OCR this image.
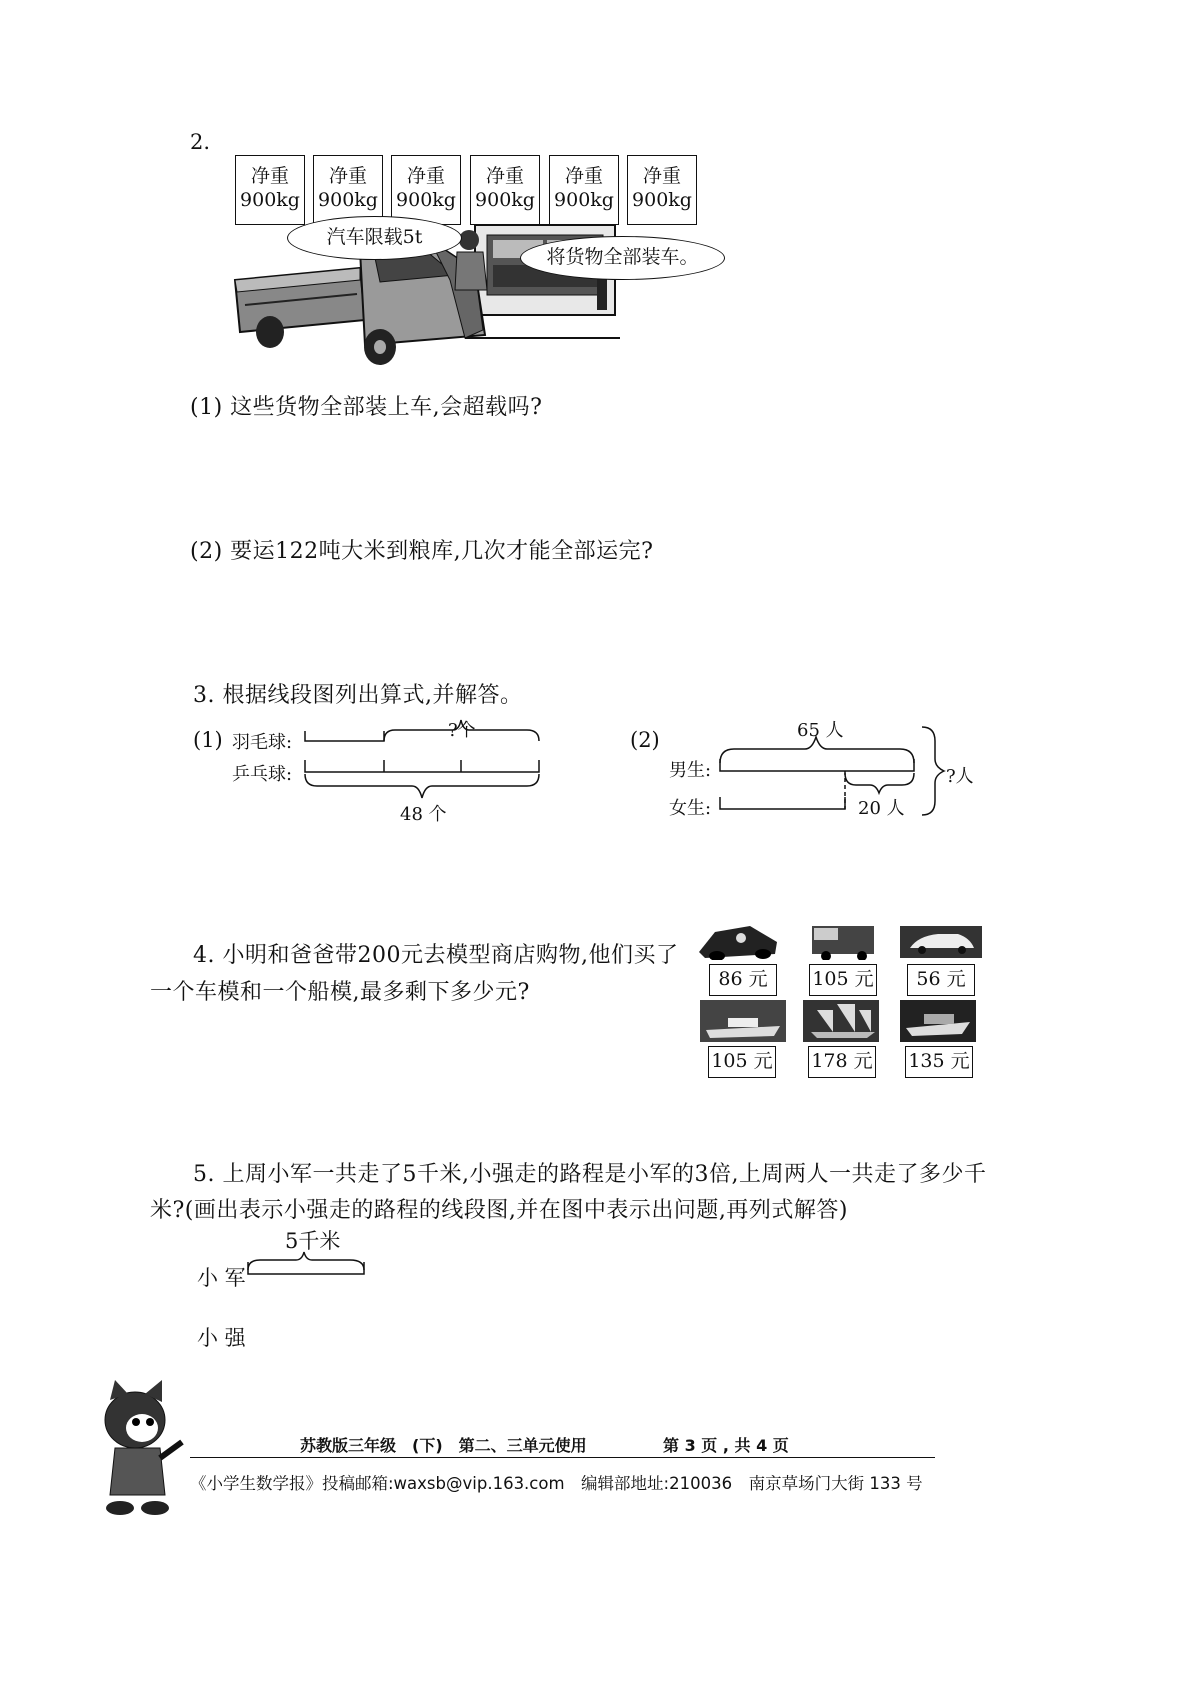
2.
净重
900kg
净重
900kg
净重
900kg
净重
900kg
净重
900kg
净重
900kg
汽车限载5t
将货物全部装车。
(1) 这些货物全部装上车,会超载吗?
(2) 要运122吨大米到粮库,几次才能全部运完?
3. 根据线段图列出算式,并解答。
(1) 羽毛球:
乒乓球:
?个
48 个
(2)
男生:
女生:
65 人
20 人
?人
4. 小明和爸爸带200元去模型商店购物,他们买了
一个车模和一个船模,最多剩下多少元?
86 元	105 元	56 元
105 元 178 元 135 元
5. 上周小军一共走了5千米,小强走的路程是小军的3倍,上周两人一共走了多少千
米?(画出表示小强走的路程的线段图,并在图中表示出问题,再列式解答)
5千米
小 军
小 强
苏教版三年级　(下)　第二、三单元使用	第 3 页 , 共 4 页
《小学生数学报》投稿邮箱:waxsb@vip.163.com　编辑部地址:210036　南京草场门大街 133 号
